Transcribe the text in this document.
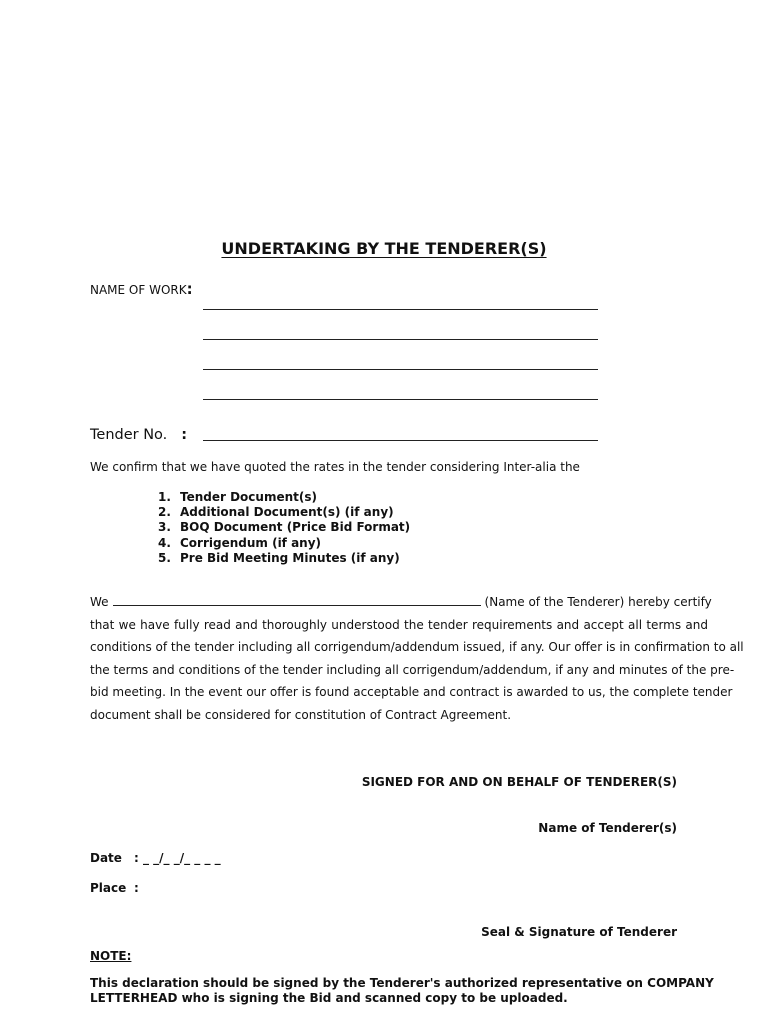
UNDERTAKING BY THE TENDERER(S)
NAME OF WORK:
Tender No. :
We confirm that we have quoted the rates in the tender considering Inter-alia the
1. Tender Document(s)
2. Additional Document(s) (if any)
3. BOQ Document (Price Bid Format)
4. Corrigendum (if any)
5. Pre Bid Meeting Minutes (if any)
We	(Name of the Tenderer) hereby certify
that we have fully read and thoroughly understood the tender requirements and accept all terms and
conditions of the tender including all corrigendum/addendum issued, if any. Our offer is in confirmation to all
the terms and conditions of the tender including all corrigendum/addendum, if any and minutes of the pre-
bid meeting. In the event our offer is found acceptable and contract is awarded to us, the complete tender
document shall be considered for constitution of Contract Agreement.
SIGNED FOR AND ON BEHALF OF TENDERER(S)
Name of Tenderer(s)
Date : _ _/_ _/_ _ _ _
Place :
Seal & Signature of Tenderer
NOTE:
This declaration should be signed by the Tenderer's authorized representative on COMPANY
LETTERHEAD who is signing the Bid and scanned copy to be uploaded.
